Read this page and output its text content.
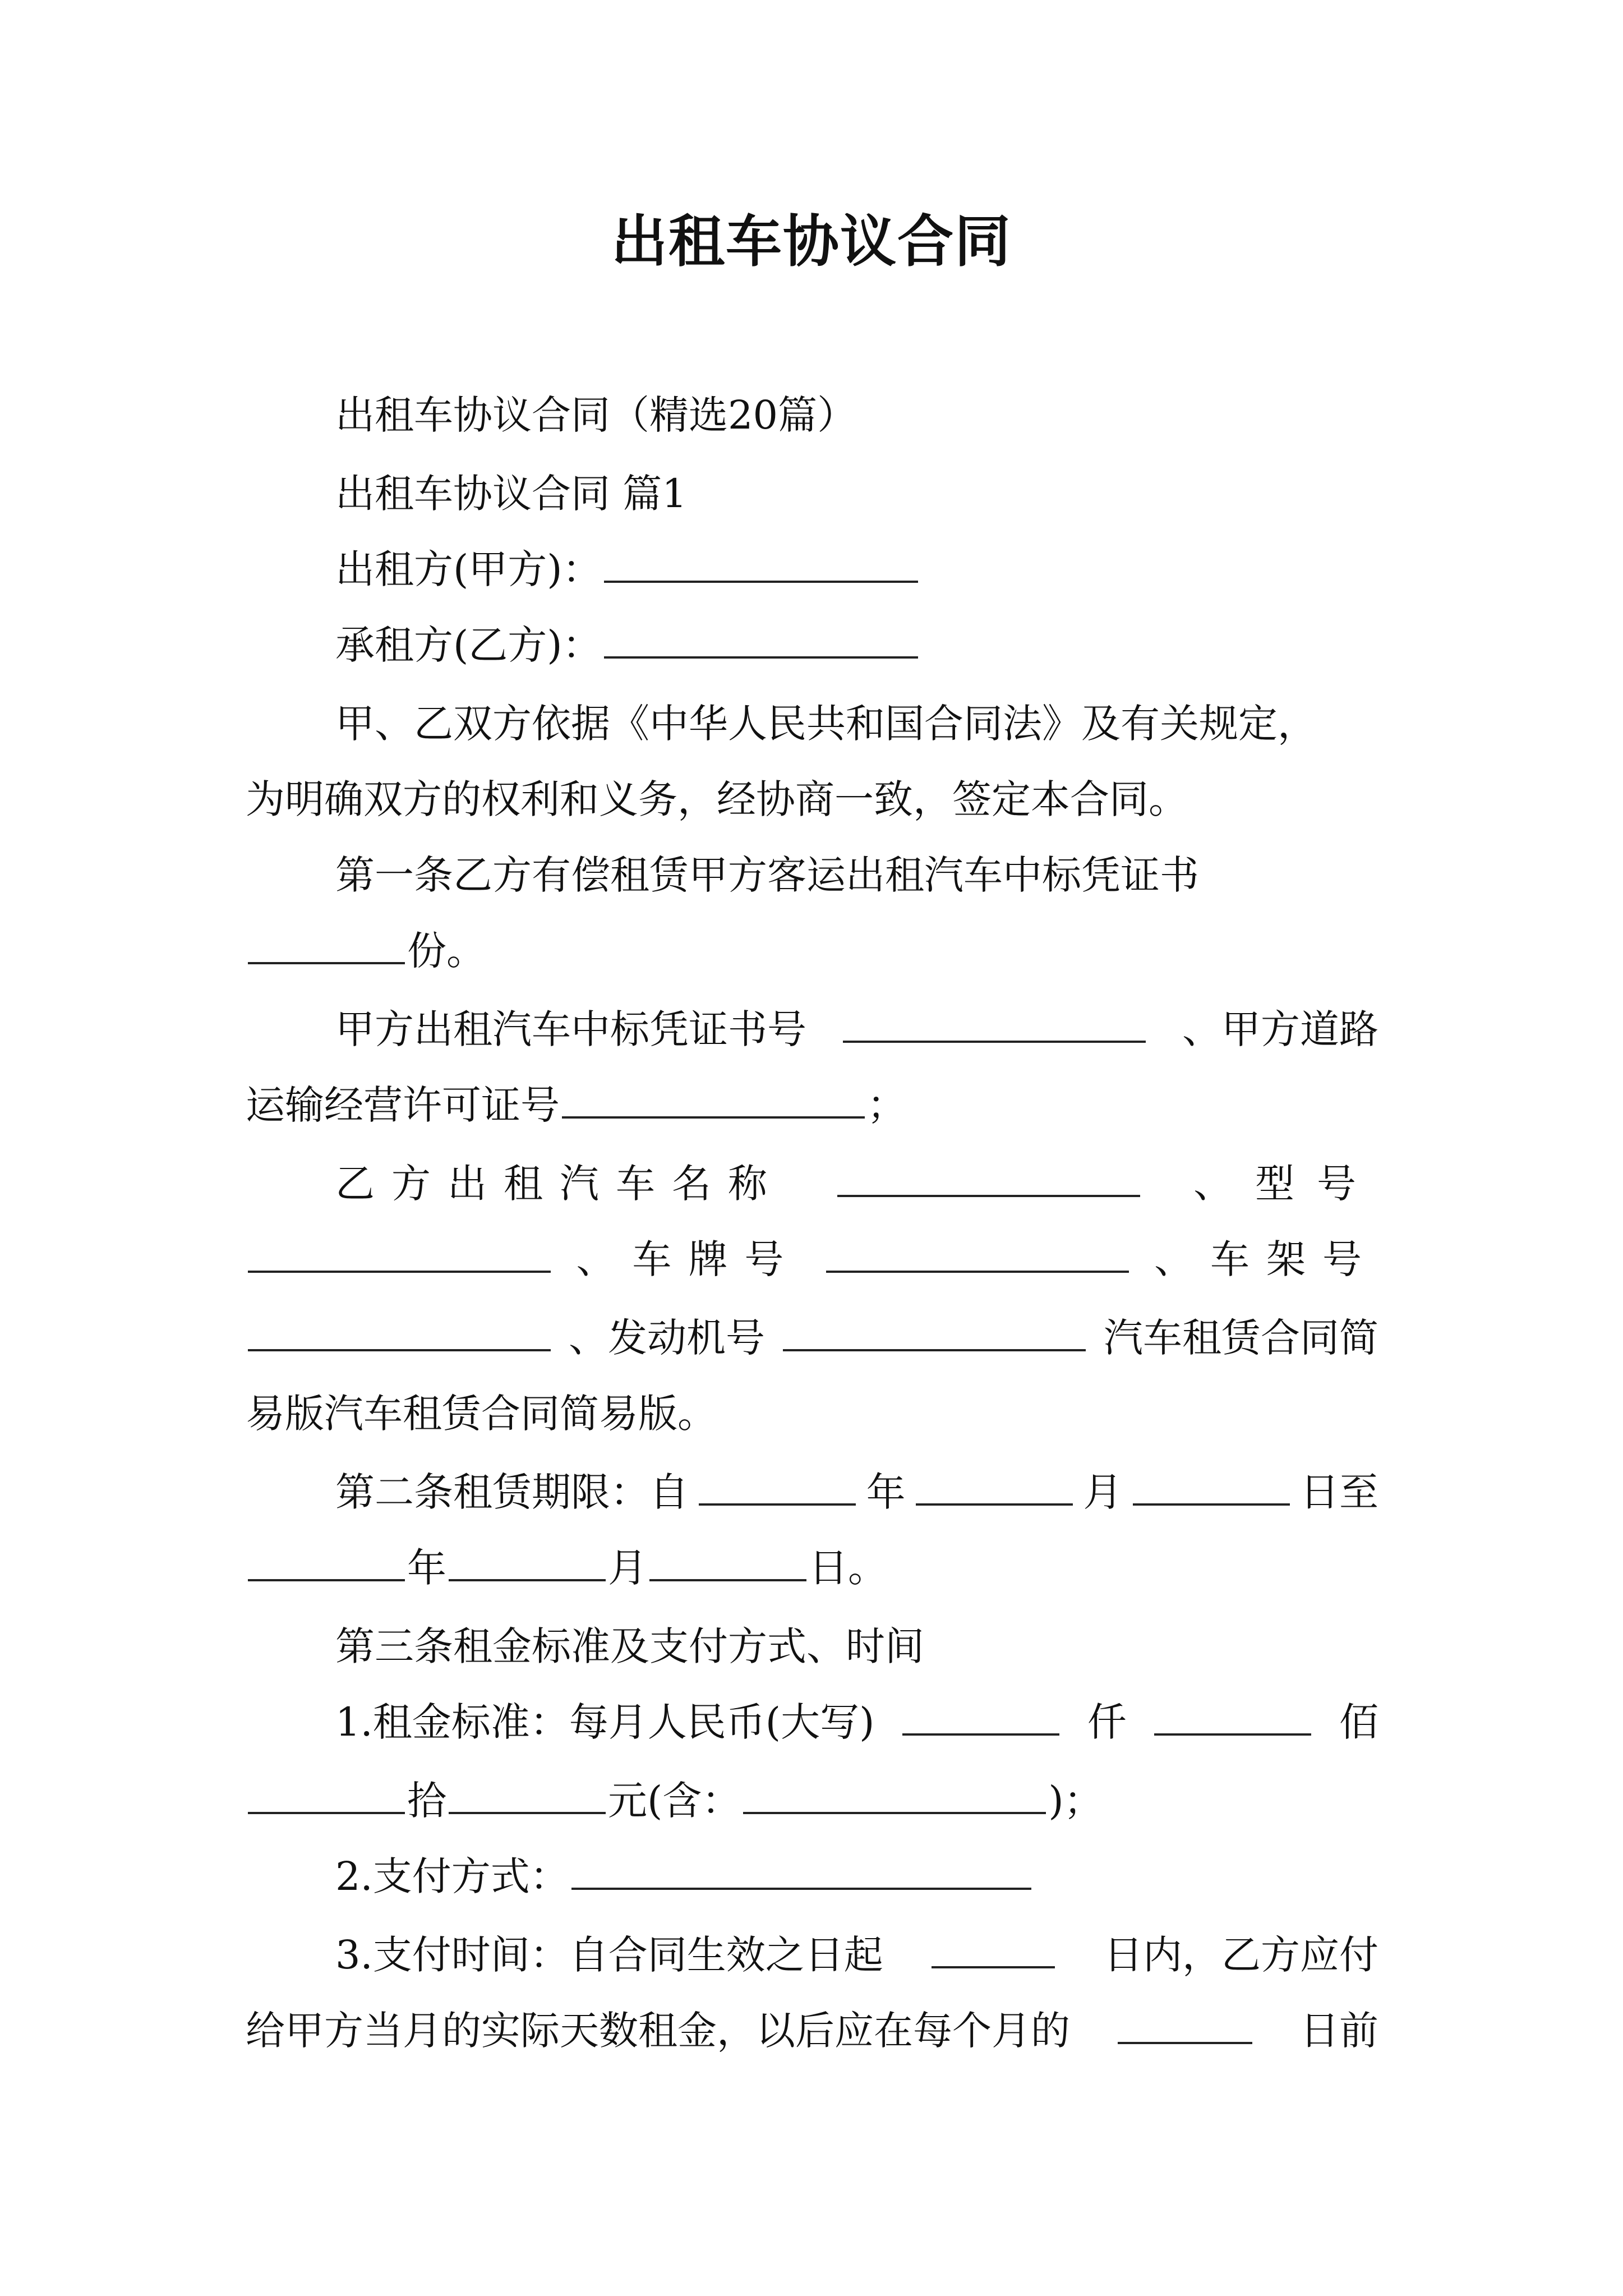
出租车协议合同

出租车协议合同（精选20篇）

出租车协议合同 篇1

出租方(甲方)：

承租方(乙方)：

甲、乙双方依据《中华人民共和国合同法》及有关规定，

为明确双方的权利和义务，经协商一致，签定本合同。

第一条乙方有偿租赁甲方客运出租汽车中标凭证书

份。

甲方出租汽车中标凭证书号	、甲方道路

运输经营许可证号	；

乙方出租汽车名称	、型号

、车牌号	、车架号

、发动机号	汽车租赁合同简

易版汽车租赁合同简易版。

第二条租赁期限：自	年	月	日至

年	月	日。

第三条租金标准及支付方式、时间

1.租金标准：每月人民币(大写)	仟	佰

拾	元(含：	)；

2.支付方式：

3.支付时间：自合同生效之日起	日内，乙方应付

给甲方当月的实际天数租金，以后应在每个月的	日前
